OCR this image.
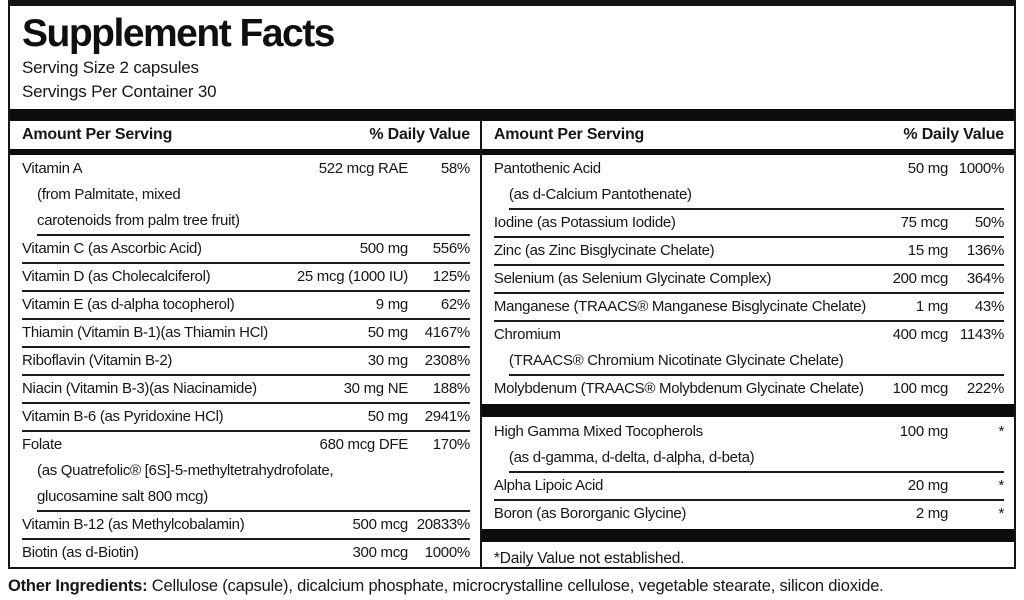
Supplement Facts
Serving Size 2 capsules
Servings Per Container 30
Amount Per Serving	% Daily Value
Vitamin A	522 mcg RAE	58%
(from Palmitate, mixed
carotenoids from palm tree fruit)
Vitamin C (as Ascorbic Acid)	500 mg	556%
Vitamin D (as Cholecalciferol)	25 mcg (1000 IU)	125%
Vitamin E (as d-alpha tocopherol)	9 mg	62%
Thiamin (Vitamin B-1)(as Thiamin HCl)	50 mg	4167%
Riboflavin (Vitamin B-2)	30 mg	2308%
Niacin (Vitamin B-3)(as Niacinamide)	30 mg NE	188%
Vitamin B-6 (as Pyridoxine HCl)	50 mg	2941%
Folate	680 mcg DFE	170%
(as Quatrefolic® [6S]-5-methyltetrahydrofolate,
glucosamine salt 800 mcg)
Vitamin B-12 (as Methylcobalamin)	500 mcg 20833%
Biotin (as d-Biotin)	300 mcg	1000%
Amount Per Serving	% Daily Value
Pantothenic Acid	50 mg 1000%
(as d-Calcium Pantothenate)
Iodine (as Potassium Iodide)	75 mcg	50%
Zinc (as Zinc Bisglycinate Chelate)	15 mg	136%
Selenium (as Selenium Glycinate Complex)	200 mcg	364%
Manganese (TRAACS® Manganese Bisglycinate Chelate)	1 mg	43%
Chromium	400 mcg 1143%
(TRAACS® Chromium Nicotinate Glycinate Chelate)
Molybdenum (TRAACS® Molybdenum Glycinate Chelate)	100 mcg	222%
High Gamma Mixed Tocopherols	100 mg	*
(as d-gamma, d-delta, d-alpha, d-beta)
Alpha Lipoic Acid	20 mg	*
Boron (as Bororganic Glycine)	2 mg	*
*Daily Value not established.
Other Ingredients: Cellulose (capsule), dicalcium phosphate, microcrystalline cellulose, vegetable stearate, silicon dioxide.
